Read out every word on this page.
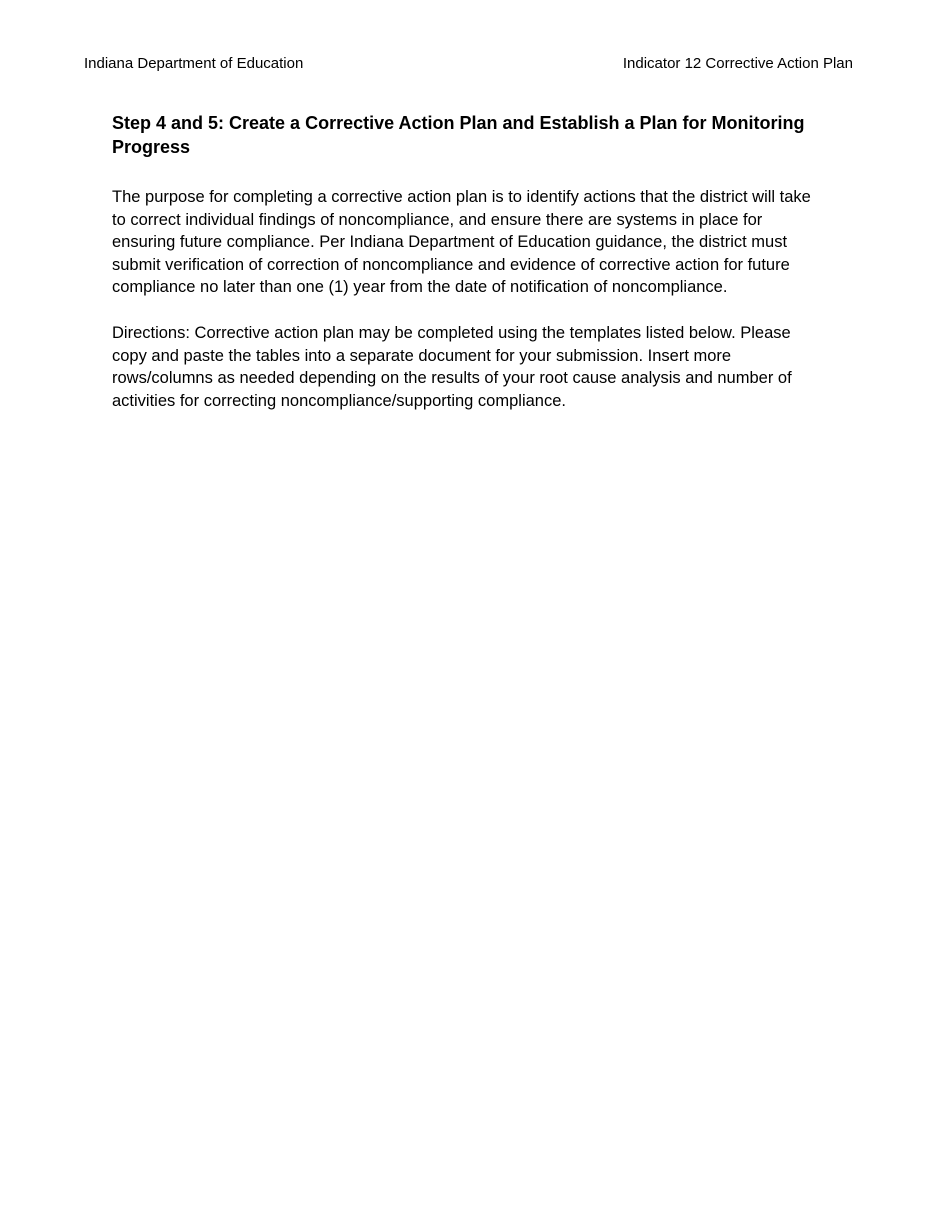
Indiana Department of Education	Indicator 12 Corrective Action Plan
Step 4 and 5: Create a Corrective Action Plan and Establish a Plan for Monitoring
Progress

The purpose for completing a corrective action plan is to identify actions that the district will take
to correct individual findings of noncompliance, and ensure there are systems in place for
ensuring future compliance. Per Indiana Department of Education guidance, the district must
submit verification of correction of noncompliance and evidence of corrective action for future
compliance no later than one (1) year from the date of notification of noncompliance.

Directions: Corrective action plan may be completed using the templates listed below. Please
copy and paste the tables into a separate document for your submission. Insert more
rows/columns as needed depending on the results of your root cause analysis and number of
activities for correcting noncompliance/supporting compliance.
